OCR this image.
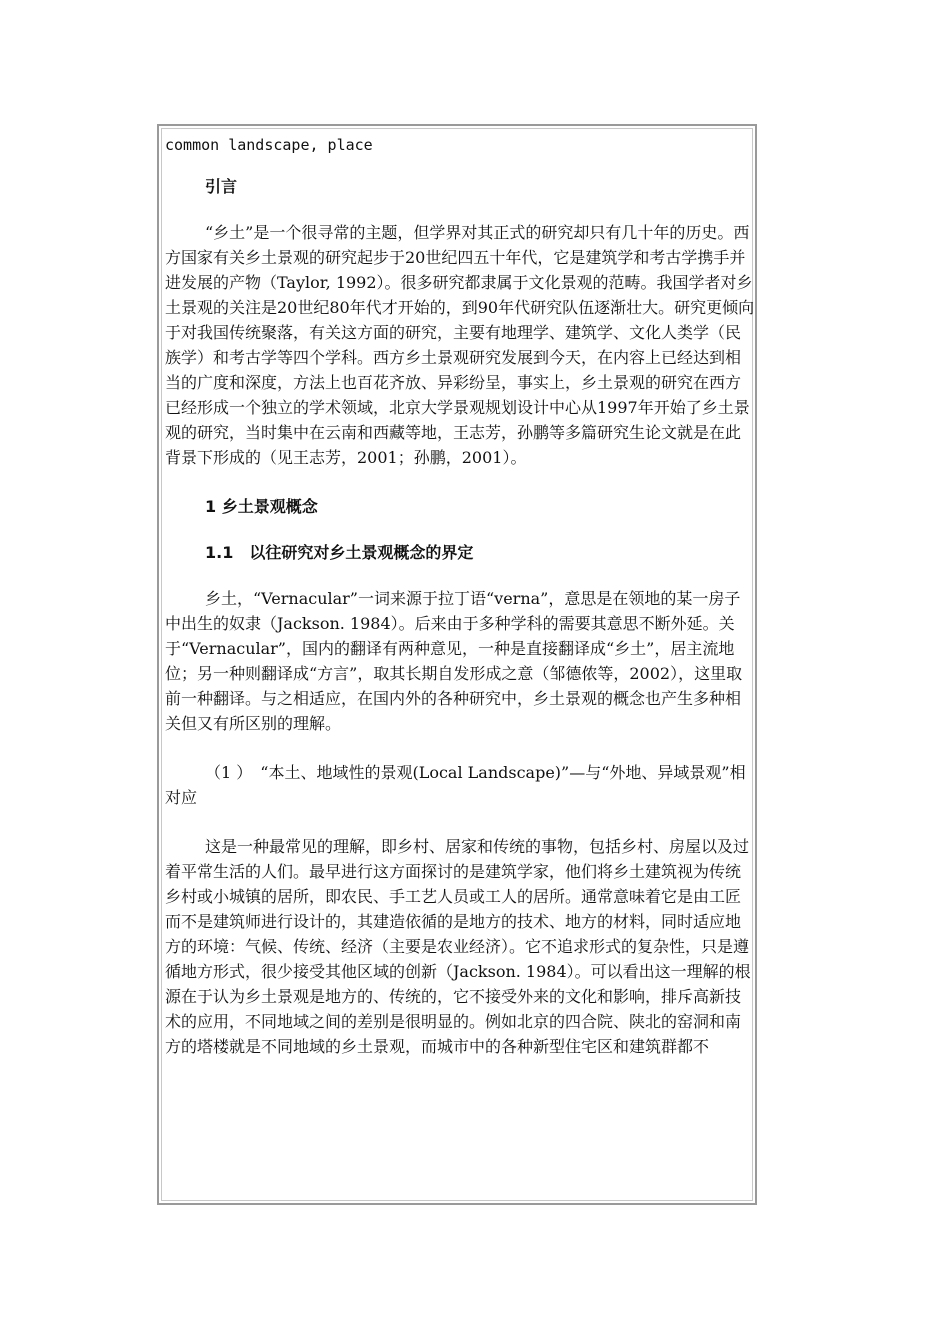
common landscape, place
引言
“乡土”是一个很寻常的主题，但学界对其正式的研究却只有几十年的历史。西方国家有关乡土景观的研究起步于20世纪四五十年代，它是建筑学和考古学携手并进发展的产物（Taylor, 1992）。很多研究都隶属于文化景观的范畴。我国学者对乡土景观的关注是20世纪80年代才开始的，到90年代研究队伍逐渐壮大。研究更倾向于对我国传统聚落，有关这方面的研究，主要有地理学、建筑学、文化人类学（民族学）和考古学等四个学科。西方乡土景观研究发展到今天，在内容上已经达到相当的广度和深度，方法上也百花齐放、异彩纷呈，事实上，乡土景观的研究在西方已经形成一个独立的学术领域，北京大学景观规划设计中心从1997年开始了乡土景观的研究，当时集中在云南和西藏等地，王志芳，孙鹏等多篇研究生论文就是在此背景下形成的（见王志芳，2001；孙鹏，2001）。
1 乡土景观概念
1.1　以往研究对乡土景观概念的界定
乡土，“Vernacular”一词来源于拉丁语“verna”，意思是在领地的某一房子中出生的奴隶（Jackson. 1984）。后来由于多种学科的需要其意思不断外延。关于“Vernacular”，国内的翻译有两种意见，一种是直接翻译成“乡土”，居主流地位；另一种则翻译成“方言”，取其长期自发形成之意（邹德侬等，2002），这里取前一种翻译。与之相适应，在国内外的各种研究中，乡土景观的概念也产生多种相关但又有所区别的理解。
（1 ）　“本土、地域性的景观(Local Landscape)”—与“外地、异域景观”相对应
这是一种最常见的理解，即乡村、居家和传统的事物，包括乡村、房屋以及过着平常生活的人们。最早进行这方面探讨的是建筑学家，他们将乡土建筑视为传统乡村或小城镇的居所，即农民、手工艺人员或工人的居所。通常意味着它是由工匠而不是建筑师进行设计的，其建造依循的是地方的技术、地方的材料，同时适应地方的环境：气候、传统、经济（主要是农业经济）。它不追求形式的复杂性，只是遵循地方形式，很少接受其他区域的创新（Jackson. 1984）。可以看出这一理解的根源在于认为乡土景观是地方的、传统的，它不接受外来的文化和影响，排斥高新技术的应用，不同地域之间的差别是很明显的。例如北京的四合院、陕北的窑洞和南方的塔楼就是不同地域的乡土景观，而城市中的各种新型住宅区和建筑群都不
